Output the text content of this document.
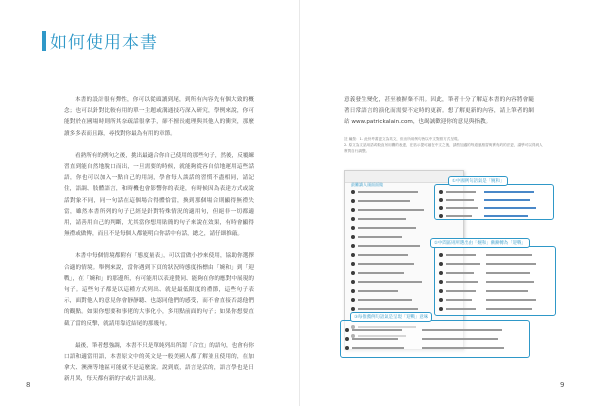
如何使用本書

本書的設計很有彈性，你可以從頭讀到尾，到所有內容先有個大致的概念；也可以針對比較有用的單一主題或溝通技巧深入研究，學例來說，你可能對於在國場時則所其奈疏話很拿手，卻不擅長處理與其他人的衝突，那麼讀多多表而且錄，尋找對你最為有用的章節。

看熟所有的例句之後，挑出最適合你自己使用的那些句子，然後，反覆練習直到能自然地脫口而出，一旦需要的時候，就能夠從容自信地運用這些話語，你也可以加入一點自己的用詞，學會每人談話的習慣不盡相同，請記住，語調、肢體語言，和時機也會影響你的表達，有時候因為表達方式或說話對象不同，同一句話在這個場合得體恰當，換到那個場合則顯得無禮失當，雖然本書所列的句子已經是針對特殊情況的適用句，但絕非一切都適用，請善用自己的判斷，尤其當你想用貼簡的句子來說在效果，有時會顯得無禮或做傳，而且不是每個人都能明白你話中有話，總之，請仔細推敲。

本書中每個情境都附有「態度量表」，可以當做小抄來使用，協助你選擇合適的情境。舉例來說，當你遇到下頁的狀況時態度指標由「婉和」到「迎戰」，在「婉和」的那邊所，有可能用以表達贊同、能夠在你的應對中展現的句子。這些句子都是以這種方式列出、就是最低限度的禮節，這些句子表示，面對他人的意見你會靜靜聽、也認同他們的感受，而不會直接否認他們的觀點。如果你想要和事佬的大事化小，多用點前面的句子；如果你想要直截了當的反擊，就請用靠近結尾的那幾句。

最後，筆者想強調，本書不只是單純列出所謂「合宜」的語句，也會有你口語和適當用語，本書原文中的英文是一般美國人都了解並且使用的，在加拿大、澳洲等地區可能就不是這麼說。說到底，語言是活的，語言學也是日新月異，每天都有新的字或片語出現。

8

意義發生變化，甚至被摒棄不用。因此，筆者十分了解這本書的內容將會隨著日常語言的演化而需要不定時的更新。想了解更新的內容，請上筆者的網站 www.patrickalain.com，也竭誠歡迎你的意見與指教。

註 編按：1. 此份考書更文為英文，但出所用例句皆以中文對照方式呈現。
2. 原文為文話用語或較直吊用關的表達，在括示提可融在中文之後，請酌加適的每道風格習與實有約的法更，讓學可以得到人實質自行調整。
最難讀人頭面面做
①中國例句語氣是「婉和」
②中間區則所選出由「婉和」漸漸轉為「迎戰」
③每推薦例句語氣是呈現「迎戰」意味
9
